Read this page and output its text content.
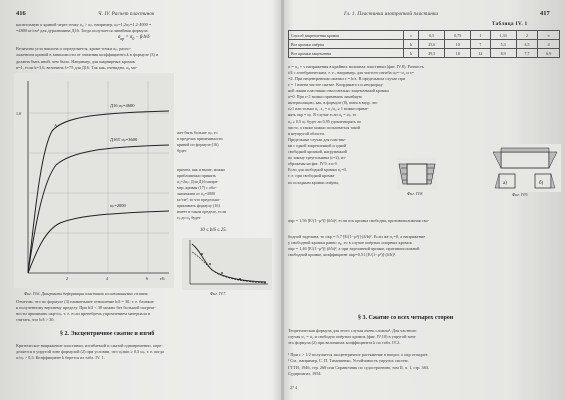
416	Ч. IV. Расчет пластинок
касательную к кривой через точку σ₀ > σₚ, например, σₚ=1,2σₚ=1,2·4000 =
=4800 кг/см² для дуралюмина Д16. Тогда получается линейная формула
Величина угла наклона α определяется, кроме точки σₚ, распо-
ложением кривой в зависимости от значения коэффициента k в формуле (3) и
должна быть иной, чем было. Например, для шарнирных кромок
α=1, если k=3,6, величина λ=75 для Д16. Так как, очевидно, σ₀ мо-
$\sigma_{кр} = \sigma_0 - \beta\cdot b/\delta$
Д16 σₚ=4600
Д16Т σₚ=3600
σₚ=2000
А
1,0
2	4	6	ε%
жет быть больше σₚ, то
в пределах применимости
кривой по формуле (16)
будет
причем, как и выше, можно
приближенно принять
σ₀=2σₚ. Для Д16 напри-
мер, кривая (17) с обо-
значением от σ₀=3000
кг/см², то что предельно-
принимать формулу (16)
имеет в таком пределе, если
εₚ до σ₀ будет
10 ≤ b/δ ≤ 25.
Фиг. IV.6. Диаграммы деформации пластинок из алюминиевых сплавов.	Фиг. IV.7.
Отметим, что по формуле (3) наименьшее отношение b/δ = 30, т. е. близкие
к полученному верхнему пределу. При b/δ < 30 можно без большой погреш-
ности принимать σкр≈σₚ, т. е. если пренебречь упрочнением материала и
считать, что b/δ > 30.
§ 2. Эксцентричное сжатие и изгиб
Критическое напряжение пластинки, изгибаемой и сжатой одновременно, опре-
деляется в упругой зоне формулой (2) при условии, что σₚmin ≥ 0,5 σₚ, т. е. когда
σ/σₚ > 0,5. Коэффициент k берется из табл. IV. 1.
Гл. 1. Пластинки изотропной пластинки	417
Таблица IV. 1
Способ закрепления кромок	ε	0,5	0,75	1	1,33	2	∞
Все кромки опёрты	k	25,6	10	7	5,3	4,5	4
Все кромки защемлены	k	29,5	18	12	8,9	7,7	6,9
σ = σ₀ + ν напряжения в крайних волокнах пластинки (фиг. IV.8). Разность
t/4 с алгебраическим, т. е., например, для чистого изгиба σₚ=−σ₁ и ε=
=2. При нецентренном сжатии ε = b/z. В предельном случае при
ε = 1 имеем чистое сжатие. Координата z и неоднород-
ной линии пластинки относительно защемленной кромки
σ=0. При ε<1 можно применять линейную
интерполяцию, как, в формуле (8), имея в виду, что
ε≥1 или только σ₁. ε₁ = σ₁/σ₀ ≥ 1 можно приме-
нять σкр = σₚ. В случае если σ₀ = σₚ, то
σ₀ ≥ 0,5 σₚ будет ли 0,95 удовлетворять по
чисто, а также можно пользоваться такой
в неупругой области.
Предельные случаи для пластин-
ки с одной закрепленной и одной
свободной кромкой, нагруженной
по закону треугольника (ε=2), из-
ображены на фиг. IV.9, а и б.
Если для свободной кромки σ₁=0,
т. е. при свободной кромке
по исходным кромки опёрты,
Фиг. IV.8.
а)	б)
Фиг. IV.9.
σкр = 1,56 [E/(1−μ²)]·(δ/b)², если ось кромка свободна, противоположная сво-
бодной заделана, то σкр = 5,7 [E/(1−μ²)]·(δ/b)². Если же σ₁=0, а напряжение
у свободной кромки равно σ₀, то в случае опёртых опорных кромок
σкр = 1,46 [E/(1−μ²)]·(δ/b)², а при заделанной кромке, противоположной
свободной кромке, коэффициент σкр=0,51 [E/(1−μ²)]·(δ/b)².
§ 3. Сжатие со всех четырех сторон
Теоретическая формула для этого случая очень сложна¹. Для частного
случая σ₁ = σ₂ и свободно опёртых кромок (фиг. IV.10) в упругой зоне
эта формула (2) при величинах коэффициента k по табл. IV.2.
¹ При ε > 1/2 получается эксцентричное растяжение в вопрос о σкр отпадает.
¹ См., например, С. П. Тимошенко, Устойчивость упругих систем,
ГТТИ, 1946, стр. 268 или Справочник по судостроению, том II, ч. 1, стр. 363,
Судпромгиз, 1954.
27 4
